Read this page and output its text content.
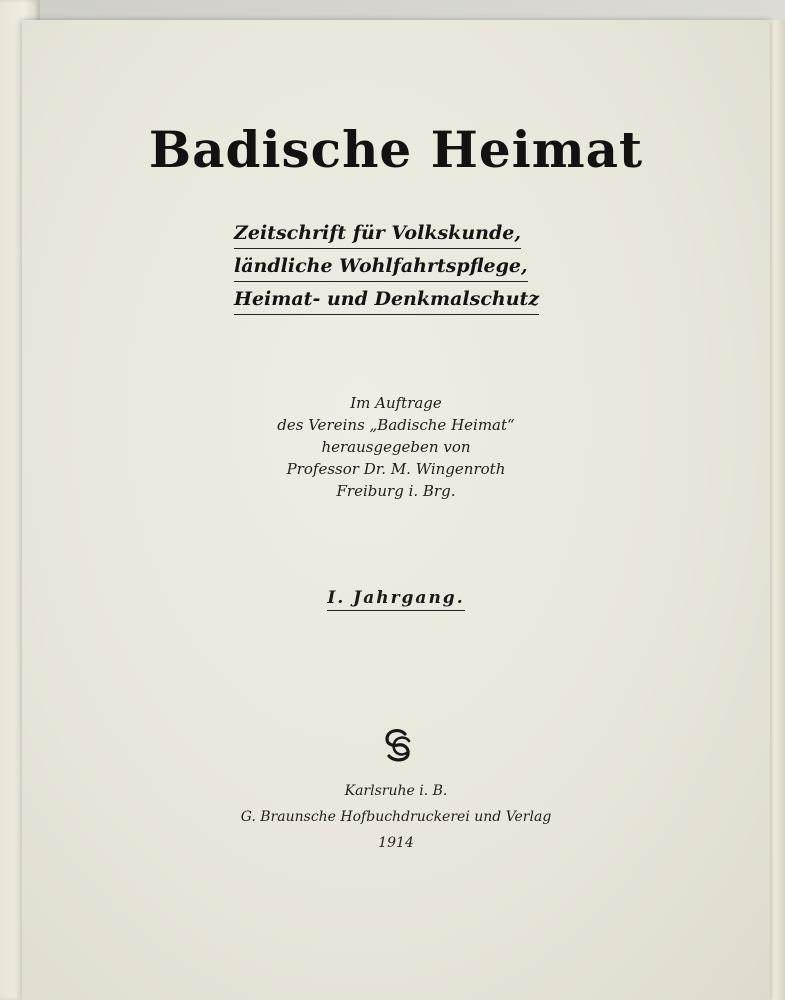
Badische Heimat
Zeitschrift für Volkskunde,
ländliche Wohlfahrtspflege,
Heimat- und Denkmalschutz
Im Auftrage
des Vereins „Badische Heimat“
herausgegeben von
Professor Dr. M. Wingenroth
Freiburg i. Brg.
I. Jahrgang.
Karlsruhe i. B.
G. Braunsche Hofbuchdruckerei und Verlag
1914
